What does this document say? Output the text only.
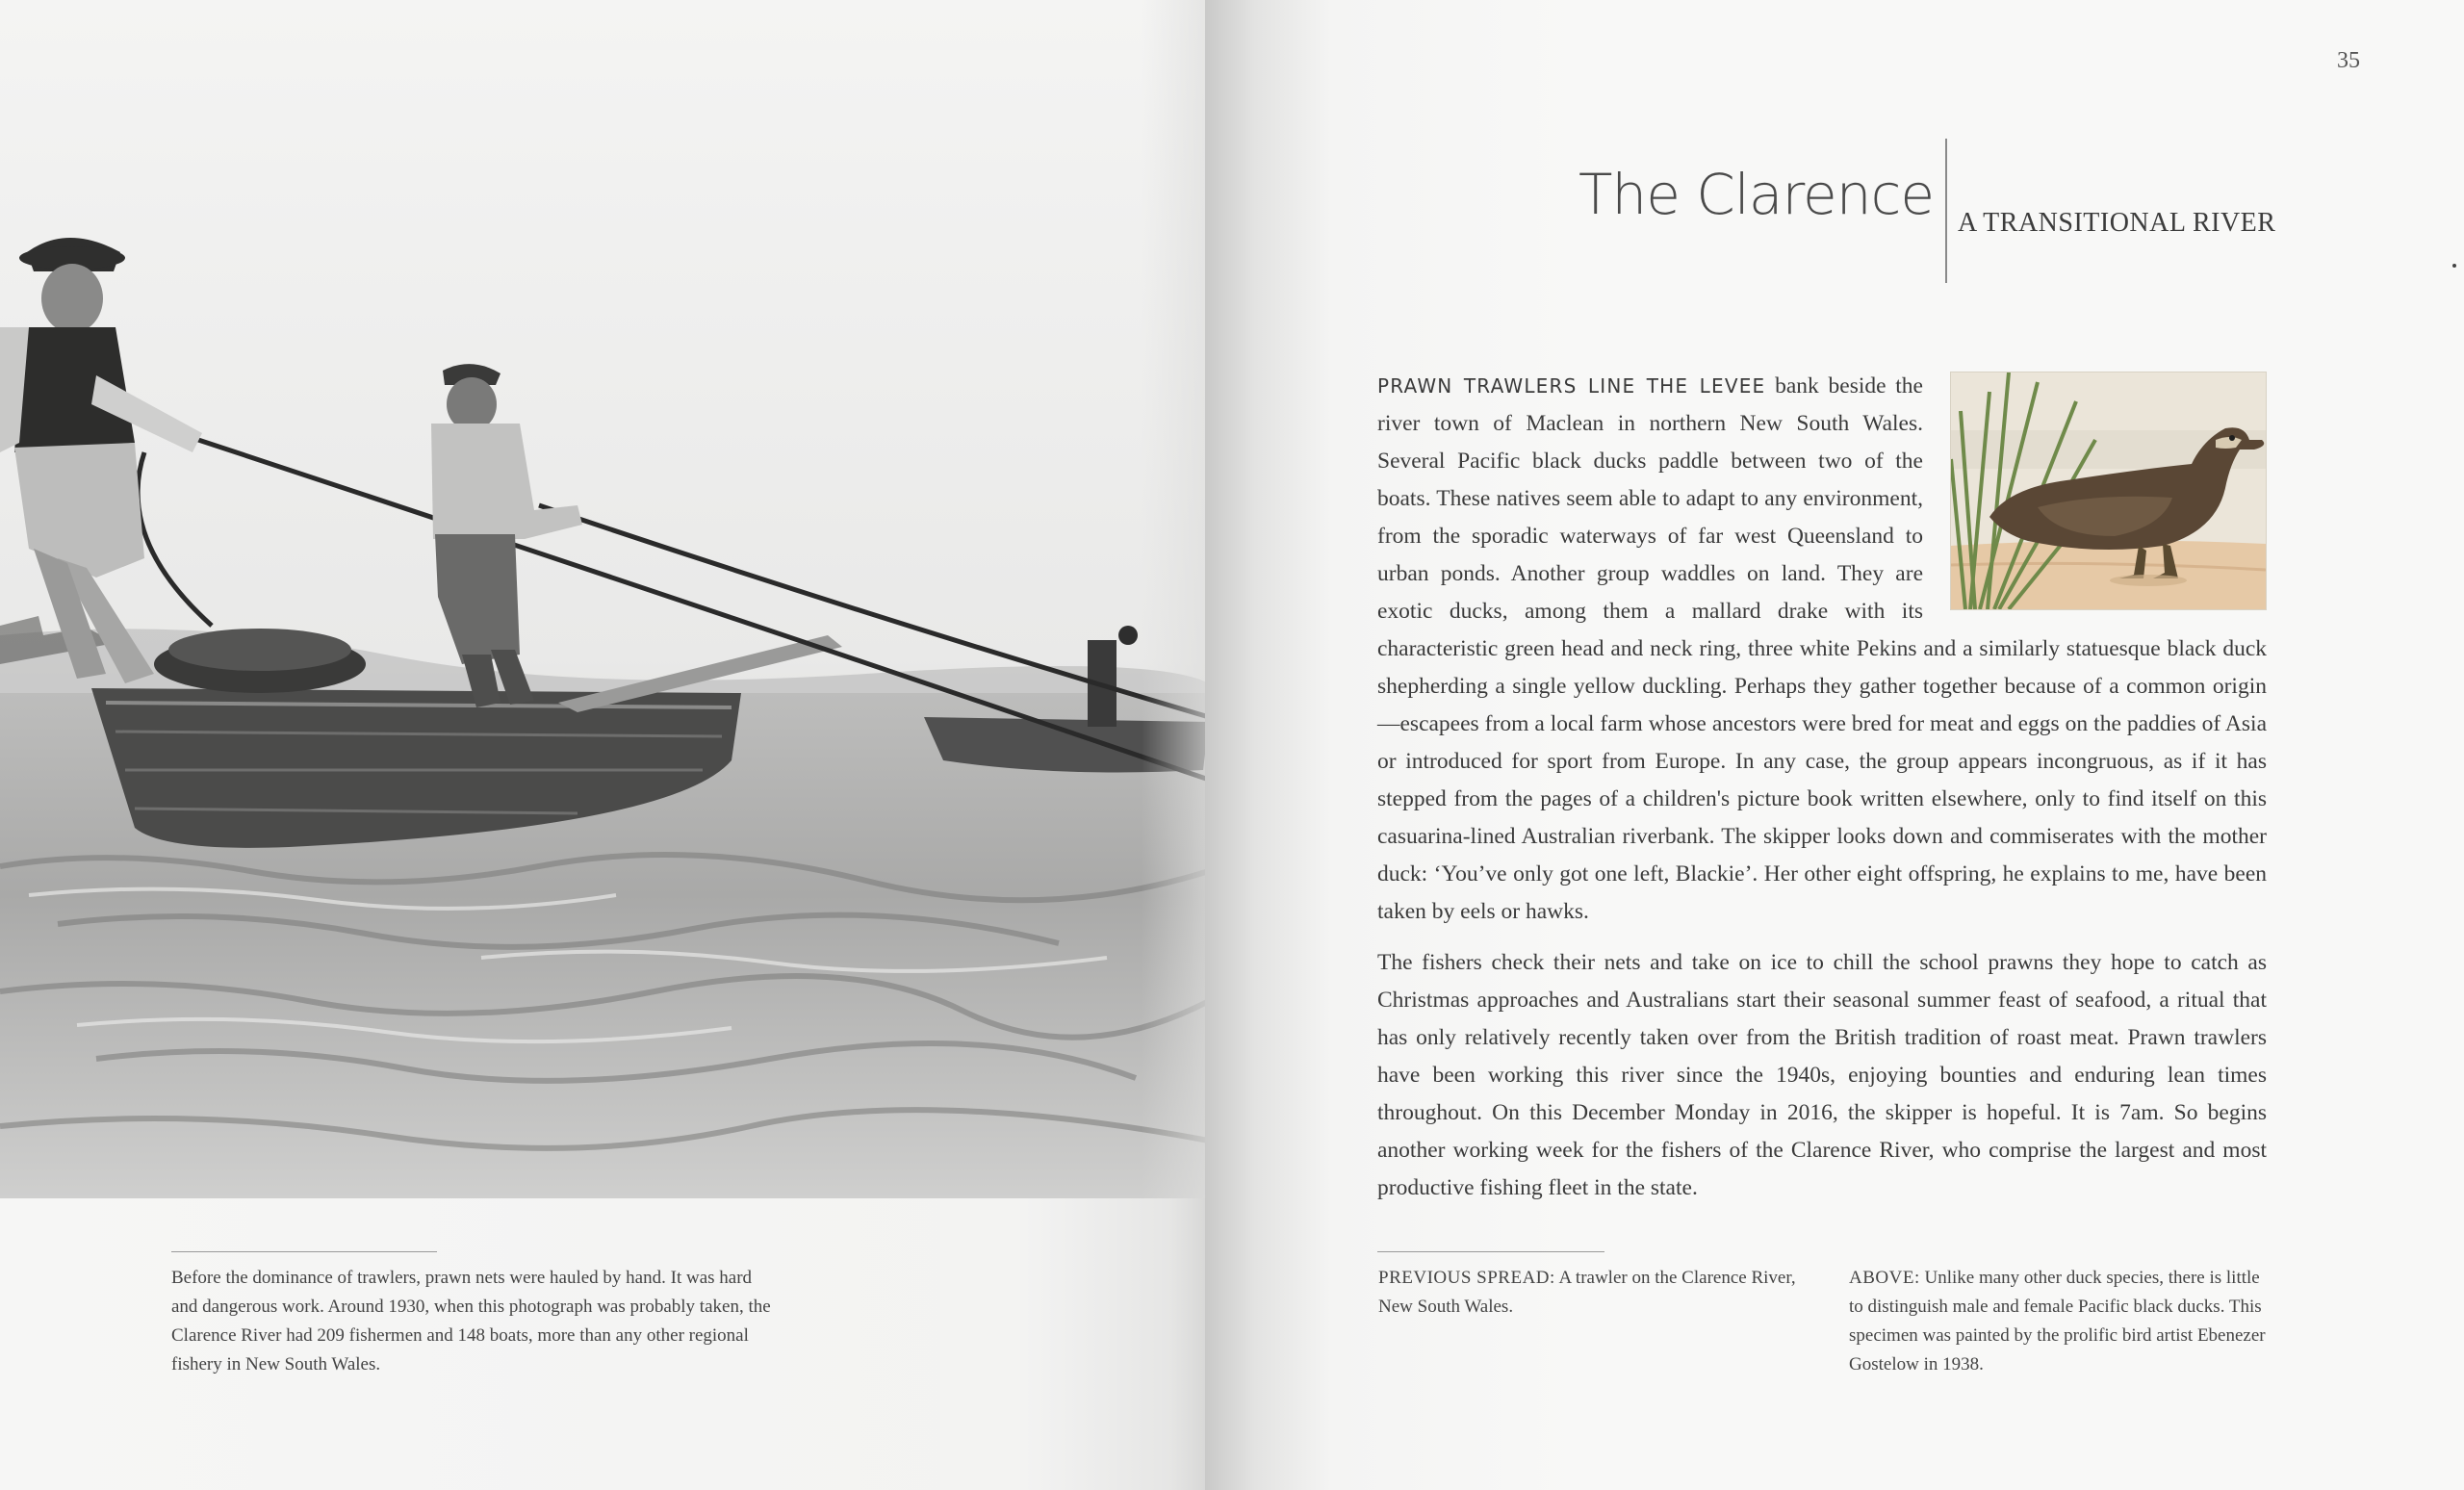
Before the dominance of trawlers, prawn nets were hauled by hand. It was hard and dangerous work. Around 1930, when this photograph was probably taken, the Clarence River had 209 fishermen and 148 boats, more than any other regional fishery in New South Wales.

35
The Clarence A TRANSITIONAL RIVER

PRAWN TRAWLERS LINE THE LEVEE bank beside the river town of Maclean in northern New South Wales. Several Pacific black ducks paddle between two of the boats. These natives seem able to adapt to any environment, from the sporadic waterways of far west Queensland to urban ponds. Another group waddles on land. They are exotic ducks, among them a mallard drake with its characteristic green head and neck ring, three white Pekins and a similarly statuesque black duck shepherding a single yellow duckling. Perhaps they gather together because of a common origin—escapees from a local farm whose ancestors were bred for meat and eggs on the paddies of Asia or introduced for sport from Europe. In any case, the group appears incongruous, as if it has stepped from the pages of a children's picture book written elsewhere, only to find itself on this casuarina-lined Australian riverbank. The skipper looks down and commiserates with the mother duck: ‘You’ve only got one left, Blackie’. Her other eight offspring, he explains to me, have been taken by eels or hawks.

The fishers check their nets and take on ice to chill the school prawns they hope to catch as Christmas approaches and Australians start their seasonal summer feast of seafood, a ritual that has only relatively recently taken over from the British tradition of roast meat. Prawn trawlers have been working this river since the 1940s, enjoying bounties and enduring lean times throughout. On this December Monday in 2016, the skipper is hopeful. It is 7am. So begins another working week for the fishers of the Clarence River, who comprise the largest and most productive fishing fleet in the state.

PREVIOUS SPREAD: A trawler on the Clarence River, New South Wales.

ABOVE: Unlike many other duck species, there is little to distinguish male and female Pacific black ducks. This specimen was painted by the prolific bird artist Ebenezer Gostelow in 1938.
